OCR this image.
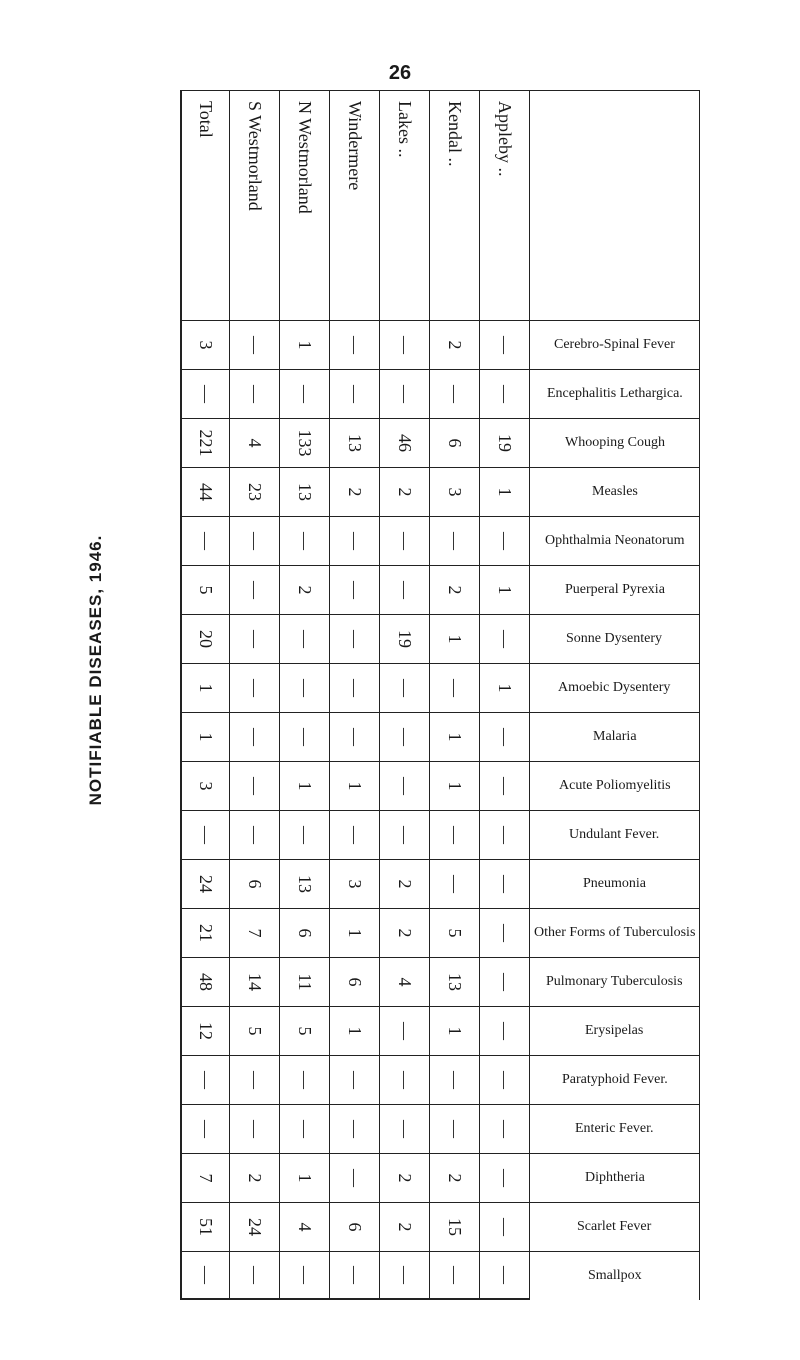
26
NOTIFIABLE DISEASES, 1946.
Cerebro-Spinal Fever
Encephalitis Lethargica.
Whooping Cough
Measles
Ophthalmia Neonatorum
Puerperal Pyrexia
Sonne Dysentery
Amoebic Dysentery
Malaria
Acute Poliomyelitis
Undulant Fever.
Pneumonia
Other Forms of Tuberculosis
Pulmonary Tuberculosis
Erysipelas
Paratyphoid Fever.
Enteric Fever.
Diphtheria
Scarlet Fever
Smallpox
Appleby ..
—
—
19
1
—
1
—
1
—
—
—
—
—
—
—
—
—
—
—
—
Kendal ..
2
—
6
3
—
2
1
—
1
1
—
—
5
13
1
—
—
2
15
—
Lakes ..
—
—
46
2
—
—
19
—
—
—
—
2
2
4
—
—
—
2
2
—
Windermere
—
—
13
2
—
—
—
—
—
1
—
3
1
6
1
—
—
—
6
—
N Westmorland
1
—
133
13
—
2
—
—
—
1
—
13
6
11
5
—
—
1
4
—
S Westmorland
—
—
4
23
—
—
—
—
—
—
—
6
7
14
5
—
—
2
24
—
Total
3
—
221
44
—
5
20
1
1
3
—
24
21
48
12
—
—
7
51
—
